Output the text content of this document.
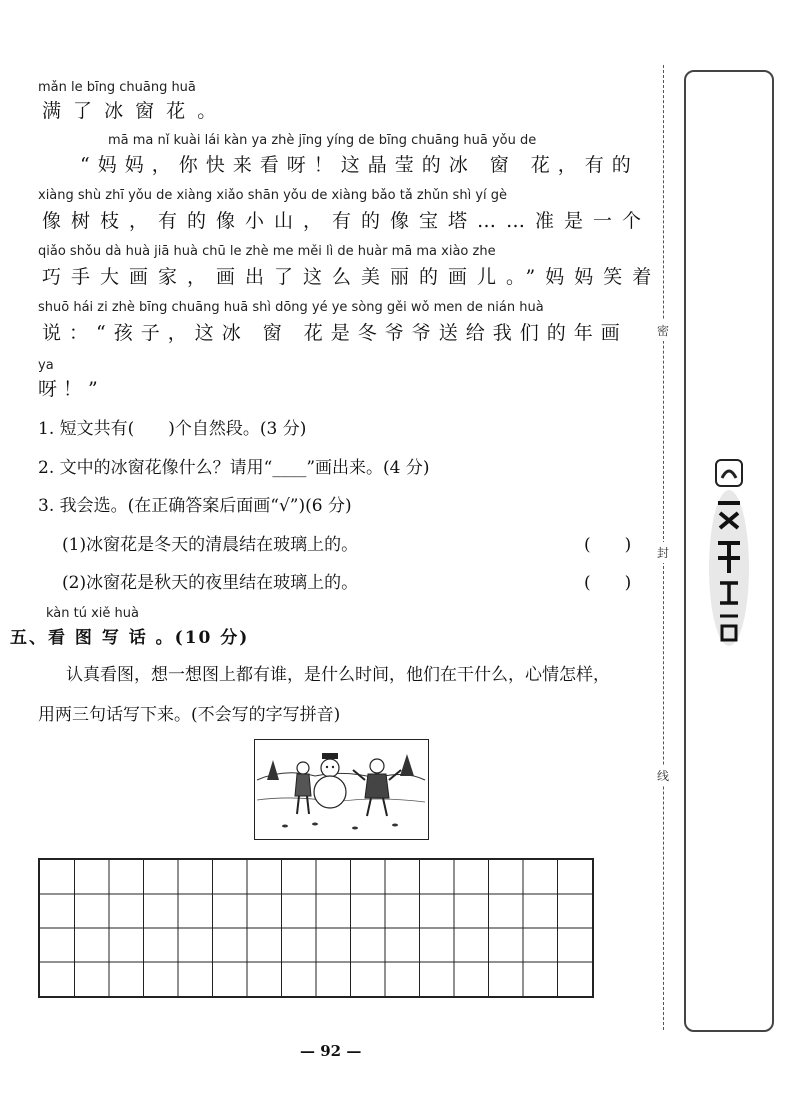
mǎn le bīng chuāng huā
满 了 冰 窗 花 。
mā ma nǐ kuài lái kàn ya zhè jīng yíng de bīng chuāng huā yǒu de
“妈妈，你快来看呀！这晶莹的冰 窗 花，有的
xiàng shù zhī yǒu de xiàng xiǎo shān yǒu de xiàng bǎo tǎ zhǔn shì yí gè
像树枝，有的像小山，有的像宝塔……准是一个
qiǎo shǒu dà huà jiā huà chū le zhè me měi lì de huàr mā ma xiào zhe
巧手大画家，画出了这么美丽的画儿。”妈妈笑着
shuō hái zi zhè bīng chuāng huā shì dōng yé ye sòng gěi wǒ men de nián huà
说：“孩子，这冰 窗 花是冬爷爷送给我们的年画
ya
呀！”
1. 短文共有(　　)个自然段。(3 分)
2. 文中的冰窗花像什么？请用“____”画出来。(4 分)
3. 我会选。(在正确答案后面画“√”)(6 分)
(1)冰窗花是冬天的清晨结在玻璃上的。	(　　)
(2)冰窗花是秋天的夜里结在玻璃上的。	(　　)
kàn tú xiě huà
五、看 图 写 话 。(10 分)
认真看图，想一想图上都有谁，是什么时间，他们在干什么，心情怎样，
用两三句话写下来。(不会写的字写拼音)
— 92 —
密
封
线
